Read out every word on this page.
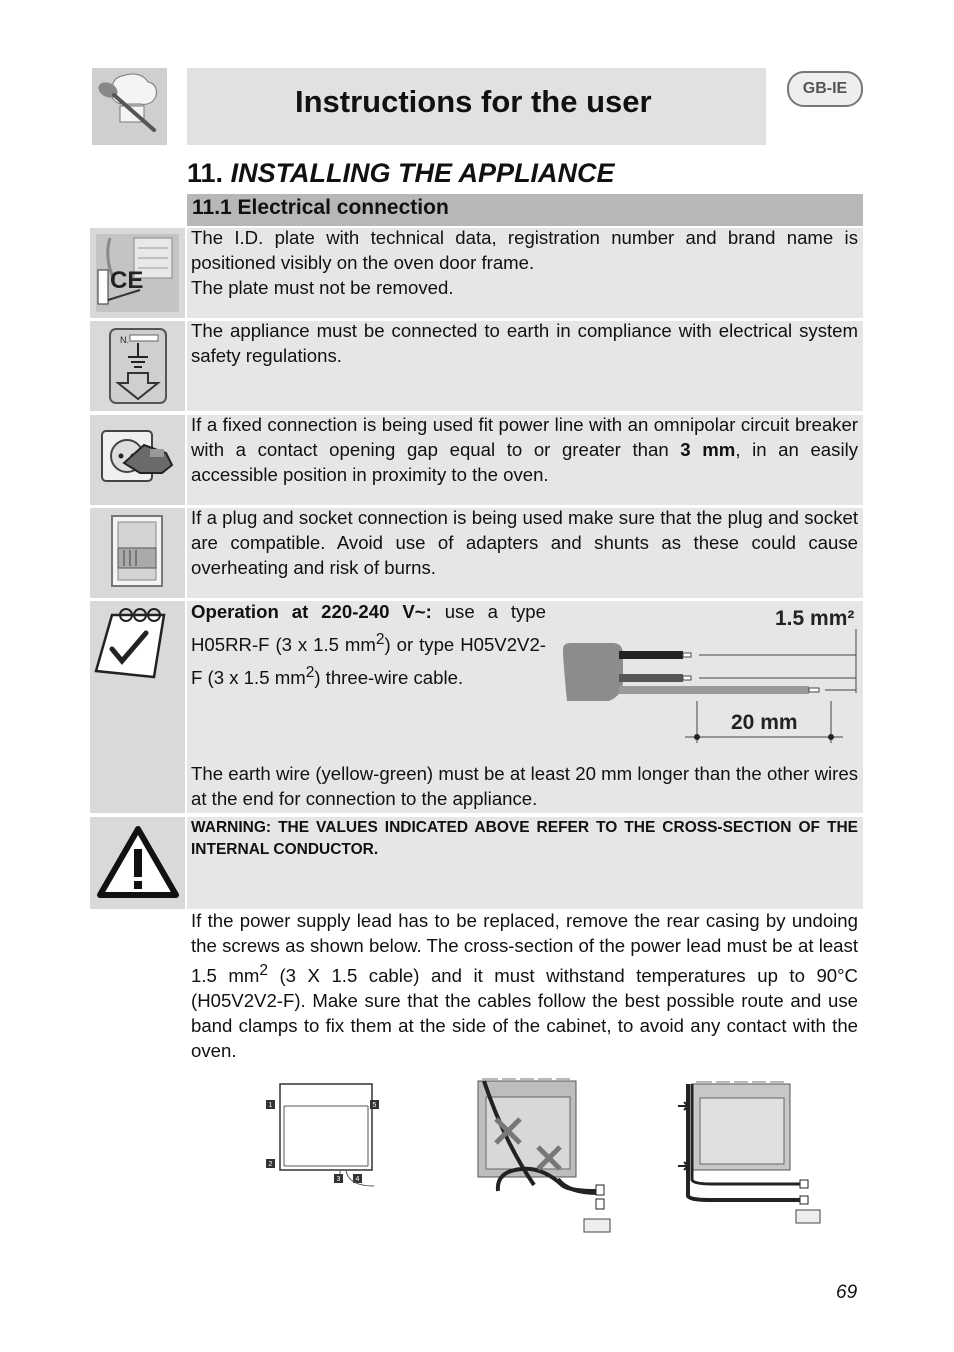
Instructions for the user	GB-IE
11. INSTALLING THE APPLIANCE
11.1 Electrical connection
CE
The I.D. plate with technical data, registration number and brand name is positioned visibly on the oven door frame.
The plate must not be removed.
N.	The appliance must be connected to earth in compliance with electrical system safety regulations.
If a fixed connection is being used fit power line with an omnipolar circuit breaker with a contact opening gap equal to or greater than 3 mm, in an easily accessible position in proximity to the oven.
If a plug and socket connection is being used make sure that the plug and socket are compatible. Avoid use of adapters and shunts as these could cause overheating and risk of burns.
Operation at 220-240 V~: use a type H05RR-F (3 x 1.5 $mm^2$) or type H05V2V2-F (3 x 1.5 $mm^2$) three-wire cable.
1.5 mm²
20 mm
The earth wire (yellow-green) must be at least 20 mm longer than the other wires at the end for connection to the appliance.
WARNING: THE VALUES INDICATED ABOVE REFER TO THE CROSS-SECTION OF THE INTERNAL CONDUCTOR.
If the power supply lead has to be replaced, remove the rear casing by undoing the screws as shown below. The cross-section of the power lead must be at least 1.5 $mm^2$ (3 X 1.5 cable) and it must withstand temperatures up to 90°C (H05V2V2-F). Make sure that the cables follow the best possible route and use band clamps to fix them at the side of the cabinet, to avoid any contact with the oven.
1
2
3 4
5
69
